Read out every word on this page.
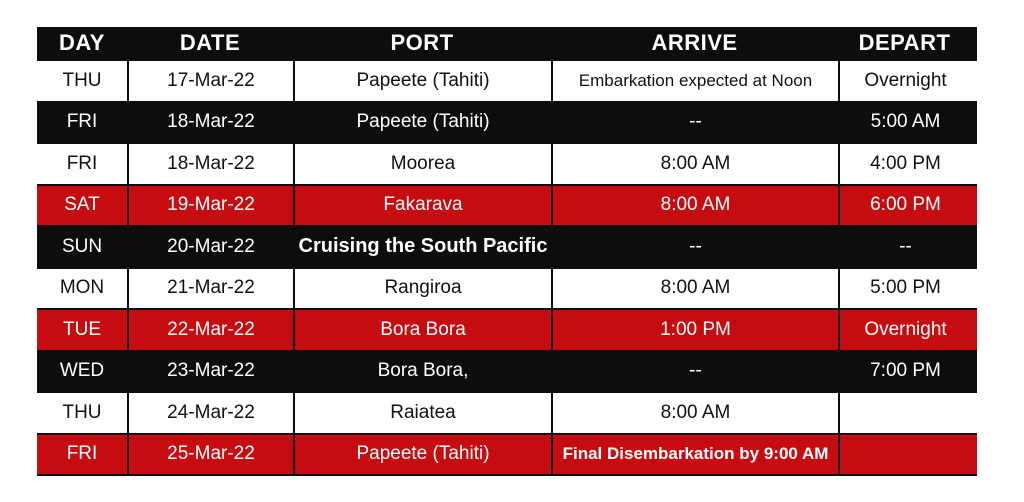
DAY	DATE	PORT	ARRIVE	DEPART
THU	17-Mar-22	Papeete (Tahiti)	Embarkation expected at Noon	Overnight
FRI	18-Mar-22	Papeete (Tahiti)	--	5:00 AM
FRI	18-Mar-22	Moorea	8:00 AM	4:00 PM
SAT	19-Mar-22	Fakarava	8:00 AM	6:00 PM
SUN	20-Mar-22	Cruising the South Pacific	--	--
MON	21-Mar-22	Rangiroa	8:00 AM	5:00 PM
TUE	22-Mar-22	Bora Bora	1:00 PM	Overnight
WED	23-Mar-22	Bora Bora,	--	7:00 PM
THU	24-Mar-22	Raiatea	8:00 AM
FRI	25-Mar-22	Papeete (Tahiti)	Final Disembarkation by 9:00 AM
